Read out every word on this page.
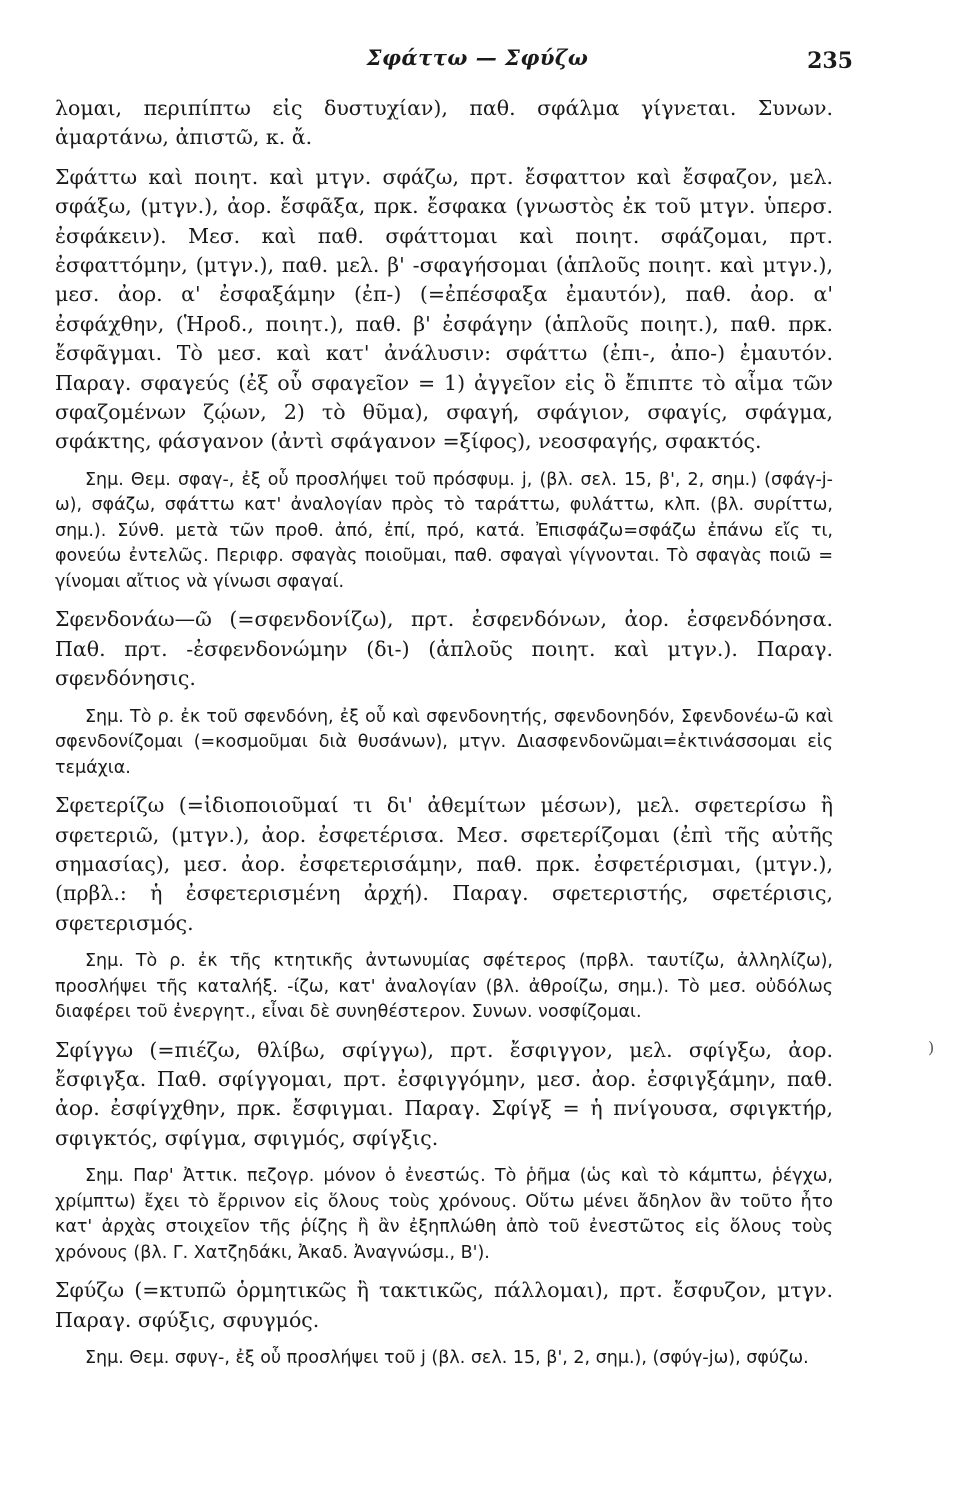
Σφάττω — Σφύζω	235

λομαι, περιπίπτω εἰς δυστυχίαν), παθ. σφάλμα γίγνεται. Συνων. ἁμαρτάνω, ἀπιστῶ, κ. ἄ.

Σφάττω καὶ ποιητ. καὶ μτγν. σφάζω, πρτ. ἔσφαττον καὶ ἔσφαζον, μελ. σφάξω, (μτγν.), ἀορ. ἔσφᾶξα, πρκ. ἔσφακα (γνωστὸς ἐκ τοῦ μτγν. ὑπερσ. ἐσφάκειν). Μεσ. καὶ παθ. σφάττομαι καὶ ποιητ. σφάζομαι, πρτ. ἐσφαττόμην, (μτγν.), παθ. μελ. β' -σφαγήσομαι (ἁπλοῦς ποιητ. καὶ μτγν.), μεσ. ἀορ. α' ἐσφαξάμην (ἐπ-) (=ἐπέσφαξα ἐμαυτόν), παθ. ἀορ. α' ἐσφάχθην, (Ἡροδ., ποιητ.), παθ. β' ἐσφάγην (ἁπλοῦς ποιητ.), παθ. πρκ. ἔσφᾶγμαι. Τὸ μεσ. καὶ κατ' ἀνάλυσιν: σφάττω (ἐπι-, ἀπο-) ἐμαυτόν. Παραγ. σφαγεύς (ἐξ οὗ σφαγεῖον = 1) ἀγγεῖον εἰς ὃ ἔπιπτε τὸ αἷμα τῶν σφαζομένων ζῴων, 2) τὸ θῦμα), σφαγή, σφάγιον, σφαγίς, σφάγμα, σφάκτης, φάσγανον (ἀντὶ σφάγανον =ξίφος), νεοσφαγής, σφακτός.

Σημ. Θεμ. σφαγ-, ἐξ οὗ προσλήψει τοῦ πρόσφυμ. j, (βλ. σελ. 15, β', 2, σημ.) (σφάγ-j-ω), σφάζω, σφάττω κατ' ἀναλογίαν πρὸς τὸ ταράττω, φυλάττω, κλπ. (βλ. συρίττω, σημ.). Σύνθ. μετὰ τῶν προθ. ἀπό, ἐπί, πρό, κατά. Ἐπισφάζω=σφάζω ἐπάνω εἴς τι, φονεύω ἐντελῶς. Περιφρ. σφαγὰς ποιοῦμαι, παθ. σφαγαὶ γίγνονται. Τὸ σφαγὰς ποιῶ = γίνομαι αἴτιος νὰ γίνωσι σφαγαί.

Σφενδονάω—ῶ (=σφενδονίζω), πρτ. ἐσφενδόνων, ἀορ. ἐσφενδόνησα. Παθ. πρτ. -ἐσφενδονώμην (δι-) (ἁπλοῦς ποιητ. καὶ μτγν.). Παραγ. σφενδόνησις.

Σημ. Τὸ ρ. ἐκ τοῦ σφενδόνη, ἐξ οὗ καὶ σφενδονητής, σφενδονηδόν, Σφενδονέω-ῶ καὶ σφενδονίζομαι (=κοσμοῦμαι διὰ θυσάνων), μτγν. Διασφενδονῶμαι=ἐκτινάσσομαι εἰς τεμάχια.

Σφετερίζω (=ἰδιοποιοῦμαί τι δι' ἀθεμίτων μέσων), μελ. σφετερίσω ἢ σφετεριῶ, (μτγν.), ἀορ. ἐσφετέρισα. Μεσ. σφετερίζομαι (ἐπὶ τῆς αὐτῆς σημασίας), μεσ. ἀορ. ἐσφετερισάμην, παθ. πρκ. ἐσφετέρισμαι, (μτγν.), (πρβλ.: ἡ ἐσφετερισμένη ἀρχή). Παραγ. σφετεριστής, σφετέρισις, σφετερισμός.

Σημ. Τὸ ρ. ἐκ τῆς κτητικῆς ἀντωνυμίας σφέτερος (πρβλ. ταυτίζω, ἀλληλίζω), προσλήψει τῆς καταλήξ. -ίζω, κατ' ἀναλογίαν (βλ. ἀθροίζω, σημ.). Τὸ μεσ. οὐδόλως διαφέρει τοῦ ἐνεργητ., εἶναι δὲ συνηθέστερον. Συνων. νοσφίζομαι.

Σφίγγω (=πιέζω, θλίβω, σφίγγω), πρτ. ἔσφιγγον, μελ. σφίγξω, ἀορ. ἔσφιγξα. Παθ. σφίγγομαι, πρτ. ἐσφιγγόμην, μεσ. ἀορ. ἐσφιγξάμην, παθ. ἀορ. ἐσφίγχθην, πρκ. ἔσφιγμαι. Παραγ. Σφίγξ = ἡ πνίγουσα, σφιγκτήρ, σφιγκτός, σφίγμα, σφιγμός, σφίγξις.

Σημ. Παρ' Ἀττικ. πεζογρ. μόνον ὁ ἐνεστώς. Τὸ ῥῆμα (ὡς καὶ τὸ κάμπτω, ῥέγχω, χρίμπτω) ἔχει τὸ ἔρρινον εἰς ὅλους τοὺς χρόνους. Οὕτω μένει ἄδηλον ἂν τοῦτο ἦτο κατ' ἀρχὰς στοιχεῖον τῆς ῥίζης ἢ ἂν ἐξηπλώθη ἀπὸ τοῦ ἐνεστῶτος εἰς ὅλους τοὺς χρόνους (βλ. Γ. Χατζηδάκι, Ἀκαδ. Ἀναγνώσμ., Β').

Σφύζω (=κτυπῶ ὁρμητικῶς ἢ τακτικῶς, πάλλομαι), πρτ. ἔσφυζον, μτγν. Παραγ. σφύξις, σφυγμός.

Σημ. Θεμ. σφυγ-, ἐξ οὗ προσλήψει τοῦ j (βλ. σελ. 15, β', 2, σημ.), (σφύγ-jω), σφύζω.

)
